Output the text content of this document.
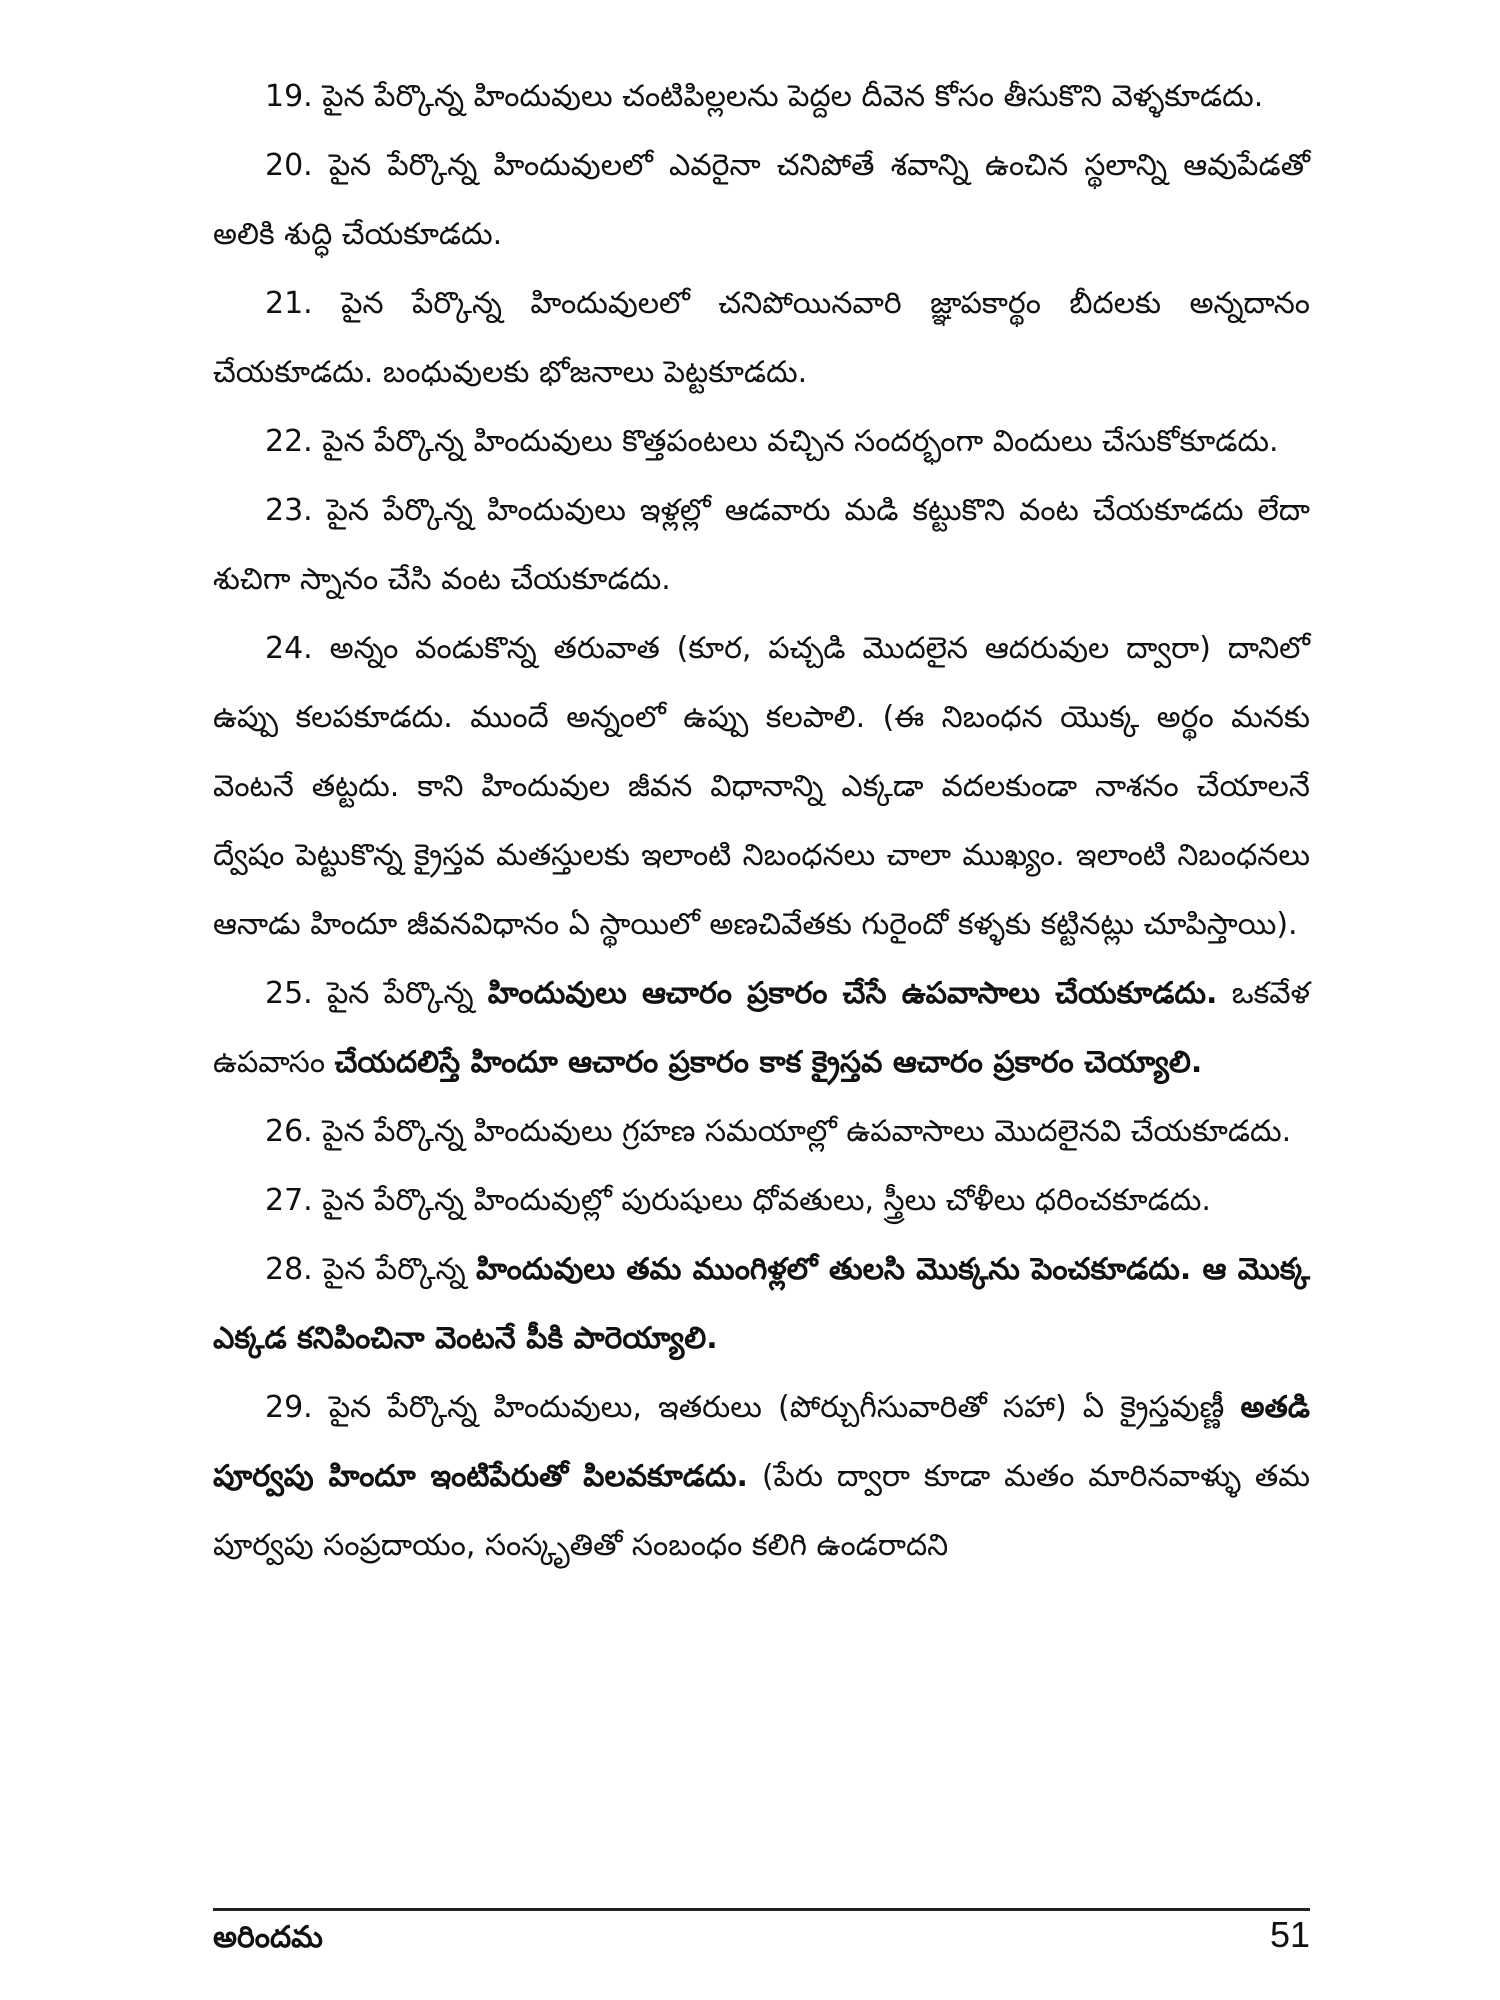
19. పైన పేర్కొన్న హిందువులు చంటిపిల్లలను పెద్దల దీవెన కోసం తీసుకొని వెళ్ళకూడదు.

20. పైన పేర్కొన్న హిందువులలో ఎవరైనా చనిపోతే శవాన్ని ఉంచిన స్థలాన్ని ఆవుపేడతో అలికి శుద్ధి చేయకూడదు.

21. పైన పేర్కొన్న హిందువులలో చనిపోయినవారి జ్ఞాపకార్థం బీదలకు అన్నదానం చేయకూడదు. బంధువులకు భోజనాలు పెట్టకూడదు.

22. పైన పేర్కొన్న హిందువులు కొత్తపంటలు వచ్చిన సందర్భంగా విందులు చేసుకోకూడదు.

23. పైన పేర్కొన్న హిందువులు ఇళ్లల్లో ఆడవారు మడి కట్టుకొని వంట చేయకూడదు లేదా శుచిగా స్నానం చేసి వంట చేయకూడదు.

24. అన్నం వండుకొన్న తరువాత (కూర, పచ్చడి మొదలైన ఆదరువుల ద్వారా) దానిలో ఉప్పు కలపకూడదు. ముందే అన్నంలో ఉప్పు కలపాలి. (ఈ నిబంధన యొక్క అర్థం మనకు వెంటనే తట్టదు. కాని హిందువుల జీవన విధానాన్ని ఎక్కడా వదలకుండా నాశనం చేయాలనే ద్వేషం పెట్టుకొన్న క్రైస్తవ మతస్తులకు ఇలాంటి నిబంధనలు చాలా ముఖ్యం. ఇలాంటి నిబంధనలు ఆనాడు హిందూ జీవనవిధానం ఏ స్థాయిలో అణచివేతకు గురైందో కళ్ళకు కట్టినట్లు చూపిస్తాయి).

25. పైన పేర్కొన్న హిందువులు ఆచారం ప్రకారం చేసే ఉపవాసాలు చేయకూడదు. ఒకవేళ ఉపవాసం చేయదలిస్తే హిందూ ఆచారం ప్రకారం కాక క్రైస్తవ ఆచారం ప్రకారం చెయ్యాలి.

26. పైన పేర్కొన్న హిందువులు గ్రహణ సమయాల్లో ఉపవాసాలు మొదలైనవి చేయకూడదు.

27. పైన పేర్కొన్న హిందువుల్లో పురుషులు ధోవతులు, స్త్రీలు చోళీలు ధరించకూడదు.

28. పైన పేర్కొన్న హిందువులు తమ ముంగిళ్లలో తులసి మొక్కను పెంచకూడదు. ఆ మొక్క ఎక్కడ కనిపించినా వెంటనే పీకి పారెయ్యాలి.

29. పైన పేర్కొన్న హిందువులు, ఇతరులు (పోర్చుగీసువారితో సహా) ఏ క్రైస్తవుణ్ణీ అతడి పూర్వపు హిందూ ఇంటిపేరుతో పిలవకూడదు. (పేరు ద్వారా కూడా మతం మారినవాళ్ళు తమ పూర్వపు సంప్రదాయం, సంస్కృతితో సంబంధం కలిగి ఉండరాదని

అరిందమ	51
